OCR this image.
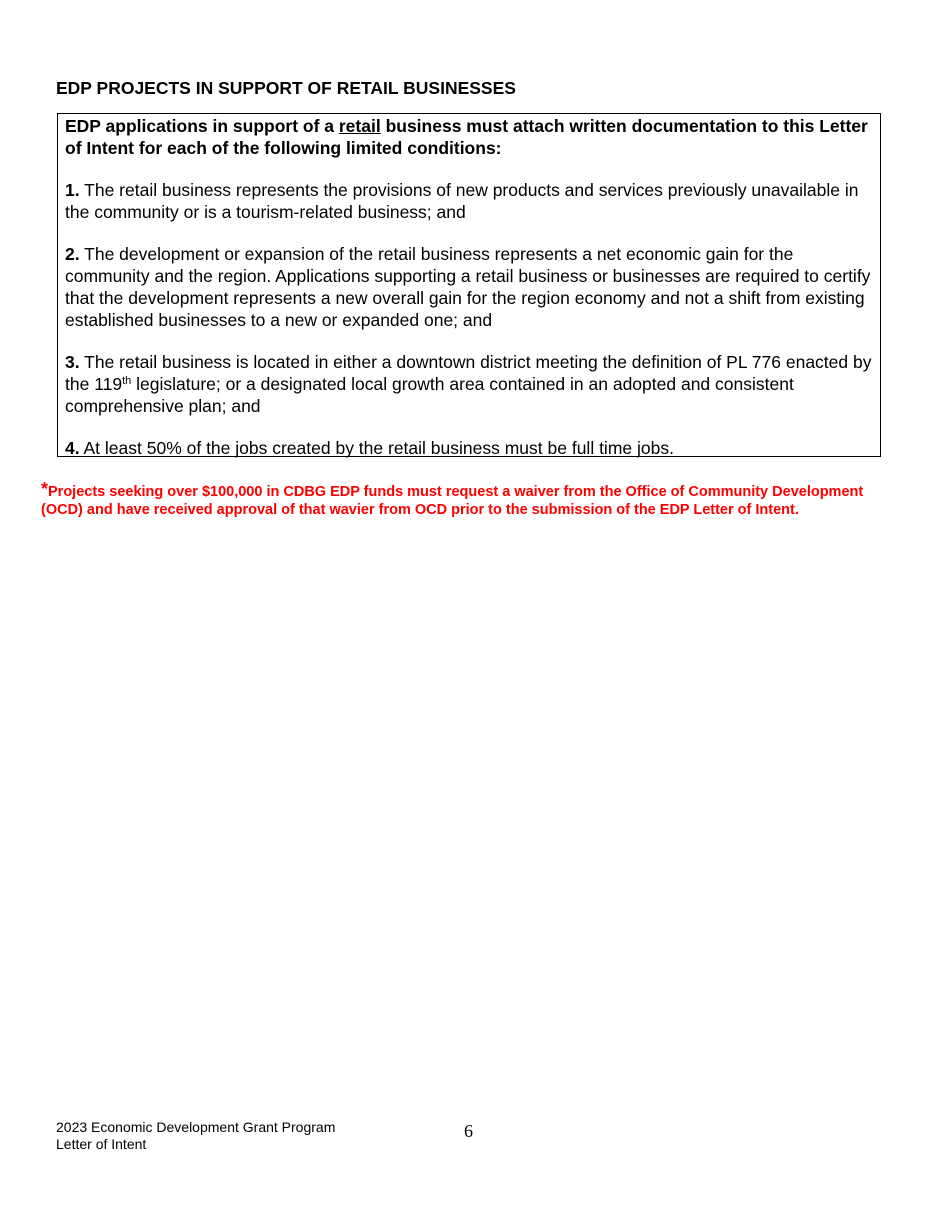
EDP PROJECTS IN SUPPORT OF RETAIL BUSINESSES

EDP applications in support of a retail business must attach written documentation to this Letter of Intent for each of the following limited conditions:

1. The retail business represents the provisions of new products and services previously unavailable in the community or is a tourism-related business; and

2. The development or expansion of the retail business represents a net economic gain for the community and the region. Applications supporting a retail business or businesses are required to certify that the development represents a new overall gain for the region economy and not a shift from existing established businesses to a new or expanded one; and

3. The retail business is located in either a downtown district meeting the definition of PL 776 enacted by the 119th legislature; or a designated local growth area contained in an adopted and consistent comprehensive plan; and

4. At least 50% of the jobs created by the retail business must be full time jobs.

*Projects seeking over $100,000 in CDBG EDP funds must request a waiver from the Office of Community Development (OCD) and have received approval of that wavier from OCD prior to the submission of the EDP Letter of Intent.
2023 Economic Development Grant Program
Letter of Intent
6
